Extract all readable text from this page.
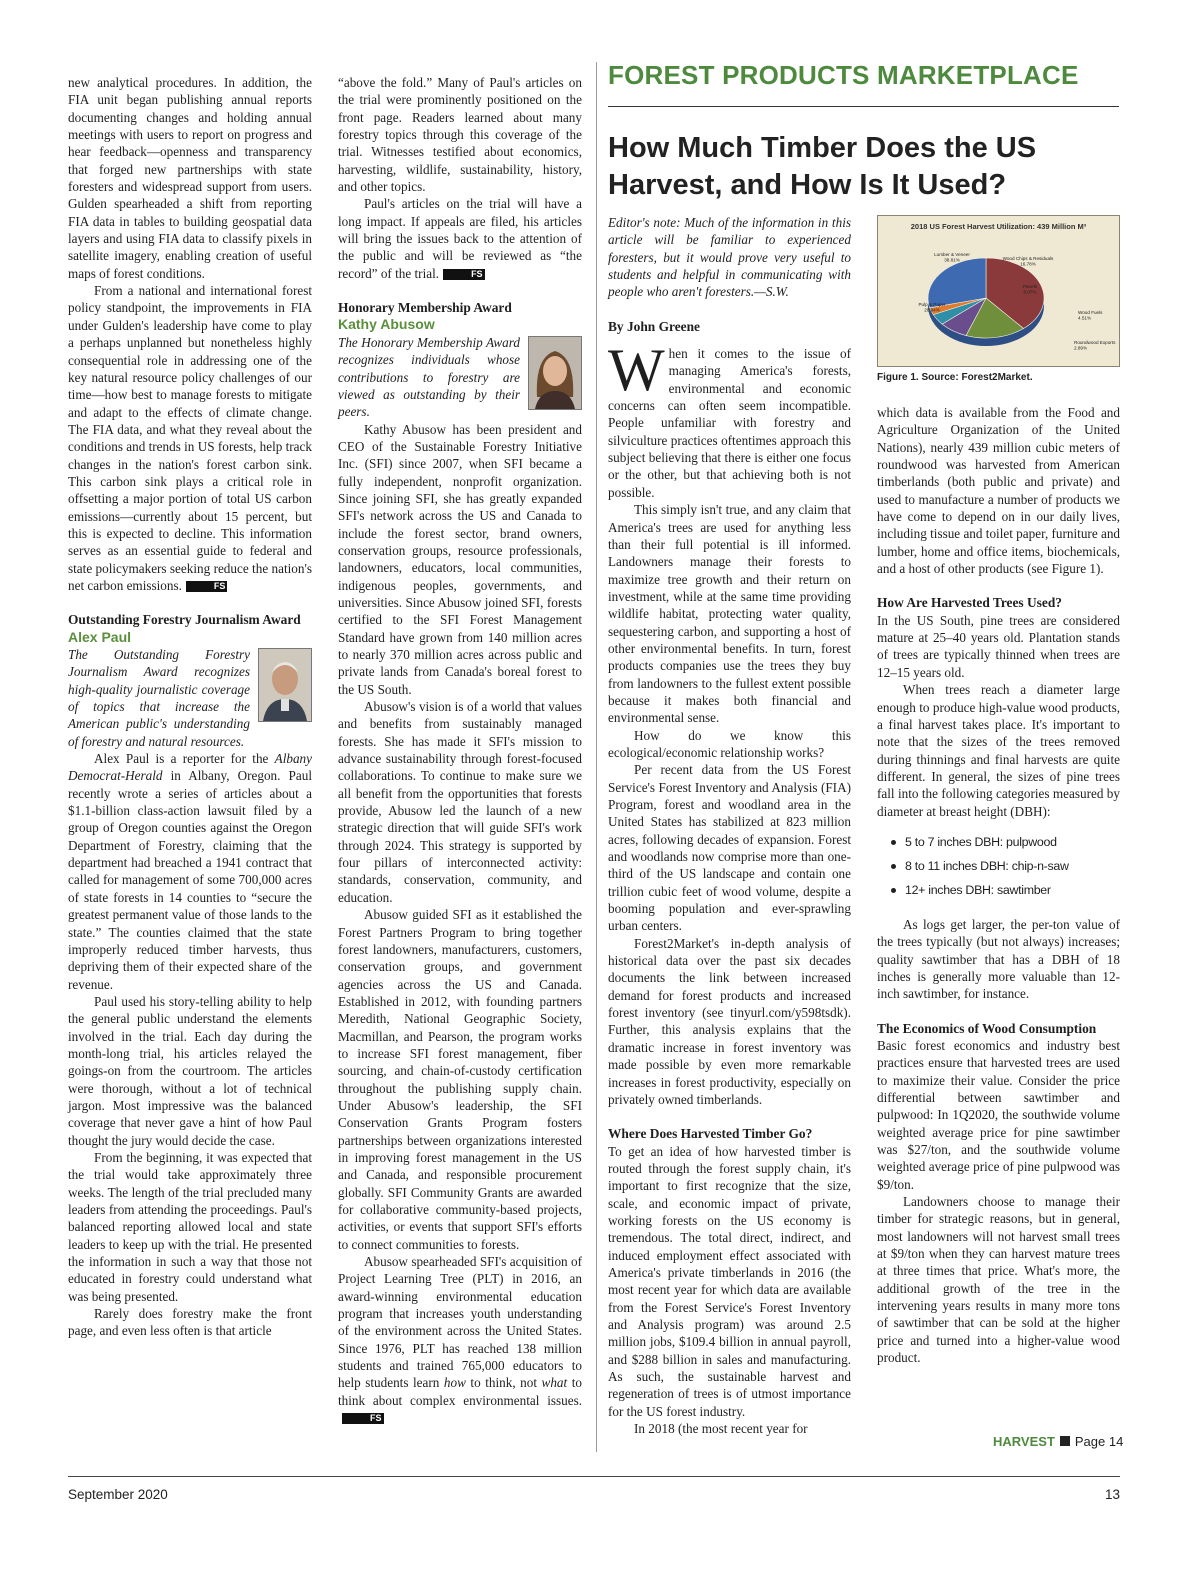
new analytical procedures. In addition, the FIA unit began publishing annual reports documenting changes and holding annual meetings with users to report on progress and hear feedback—openness and transparency that forged new partnerships with state foresters and widespread support from users. Gulden spearheaded a shift from reporting FIA data in tables to building geospatial data layers and using FIA data to classify pixels in satellite imagery, enabling creation of useful maps of forest conditions.

From a national and international forest policy standpoint, the improvements in FIA under Gulden's leadership have come to play a perhaps unplanned but nonetheless highly consequential role in addressing one of the key natural resource policy challenges of our time—how best to manage forests to mitigate and adapt to the effects of climate change. The FIA data, and what they reveal about the conditions and trends in US forests, help track changes in the nation's forest carbon sink. This carbon sink plays a critical role in offsetting a major portion of total US carbon emissions—currently about 15 percent, but this is expected to decline. This information serves as an essential guide to federal and state policymakers seeking reduce the nation's net carbon emissions.	FS

Outstanding Forestry Journalism Award

Alex Paul

The Outstanding Forestry Journalism Award recognizes high-quality journalistic coverage of topics that increase the American public's understanding of forestry and natural resources.

Alex Paul is a reporter for the Albany Democrat-Herald in Albany, Oregon. Paul recently wrote a series of articles about a $1.1-billion class-action lawsuit filed by a group of Oregon counties against the Oregon Department of Forestry, claiming that the department had breached a 1941 contract that called for management of some 700,000 acres of state forests in 14 counties to “secure the greatest permanent value of those lands to the state.” The counties claimed that the state improperly reduced timber harvests, thus depriving them of their expected share of the revenue.

Paul used his story-telling ability to help the general public understand the elements involved in the trial. Each day during the month-long trial, his articles relayed the goings-on from the courtroom. The articles were thorough, without a lot of technical jargon. Most impressive was the balanced coverage that never gave a hint of how Paul thought the jury would decide the case.

From the beginning, it was expected that the trial would take approximately three weeks. The length of the trial precluded many leaders from attending the proceedings. Paul's balanced reporting allowed local and state leaders to keep up with the trial. He presented the information in such a way that those not educated in forestry could understand what was being presented.

Rarely does forestry make the front page, and even less often is that article

“above the fold.” Many of Paul's articles on the trial were prominently positioned on the front page. Readers learned about many forestry topics through this coverage of the trial. Witnesses testified about economics, harvesting, wildlife, sustainability, history, and other topics.

Paul's articles on the trial will have a long impact. If appeals are filed, his articles will bring the issues back to the attention of the public and will be reviewed as “the record” of the trial.	FS

Honorary Membership Award

Kathy Abusow

The Honorary Membership Award recognizes individuals whose contributions to forestry are viewed as outstanding by their peers.

Kathy Abusow has been president and CEO of the Sustainable Forestry Initiative Inc. (SFI) since 2007, when SFI became a fully independent, nonprofit organization. Since joining SFI, she has greatly expanded SFI's network across the US and Canada to include the forest sector, brand owners, conservation groups, resource professionals, landowners, educators, local communities, indigenous peoples, governments, and universities. Since Abusow joined SFI, forests certified to the SFI Forest Management Standard have grown from 140 million acres to nearly 370 million acres across public and private lands from Canada's boreal forest to the US South.

Abusow's vision is of a world that values and benefits from sustainably managed forests. She has made it SFI's mission to advance sustainability through forest-focused collaborations. To continue to make sure we all benefit from the opportunities that forests provide, Abusow led the launch of a new strategic direction that will guide SFI's work through 2024. This strategy is supported by four pillars of interconnected activity: standards, conservation, community, and education.

Abusow guided SFI as it established the Forest Partners Program to bring together forest landowners, manufacturers, customers, conservation groups, and government agencies across the US and Canada. Established in 2012, with founding partners Meredith, National Geographic Society, Macmillan, and Pearson, the program works to increase SFI forest management, fiber sourcing, and chain-of-custody certification throughout the publishing supply chain. Under Abusow's leadership, the SFI Conservation Grants Program fosters partnerships between organizations interested in improving forest management in the US and Canada, and responsible procurement globally. SFI Community Grants are awarded for collaborative community-based projects, activities, or events that support SFI's efforts to connect communities to forests.

Abusow spearheaded SFI's acquisition of Project Learning Tree (PLT) in 2016, an award-winning environmental education program that increases youth understanding of the environment across the United States. Since 1976, PLT has reached 138 million students and trained 765,000 educators to help students learn how to think, not what to think about complex environmental issues.FS

FOREST PRODUCTS MARKETPLACE
How Much Timber Does the US Harvest, and How Is It Used?

Editor's note: Much of the information in this article will be familiar to experienced foresters, but it would prove very useful to students and helpful in communicating with people who aren't foresters.—S.W.

By John Greene

When it comes to the issue of managing America's forests, environmental and economic concerns can often seem incompatible. People unfamiliar with forestry and silviculture practices oftentimes approach this subject believing that there is either one focus or the other, but that achieving both is not possible.

This simply isn't true, and any claim that America's trees are used for anything less than their full potential is ill informed. Landowners manage their forests to maximize tree growth and their return on investment, while at the same time providing wildlife habitat, protecting water quality, sequestering carbon, and supporting a host of other environmental benefits. In turn, forest products companies use the trees they buy from landowners to the fullest extent possible because it makes both financial and environmental sense.

How do we know this ecological/economic relationship works?

Per recent data from the US Forest Service's Forest Inventory and Analysis (FIA) Program, forest and woodland area in the United States has stabilized at 823 million acres, following decades of expansion. Forest and woodlands now comprise more than one-third of the US landscape and contain one trillion cubic feet of wood volume, despite a booming population and ever-sprawling urban centers.

Forest2Market's in-depth analysis of historical data over the past six decades documents the link between increased demand for forest products and increased forest inventory (see tinyurl.com/y598tsdk). Further, this analysis explains that the dramatic increase in forest inventory was made possible by even more remarkable increases in forest productivity, especially on privately owned timberlands.

Where Does Harvested Timber Go?

To get an idea of how harvested timber is routed through the forest supply chain, it's important to first recognize that the size, scale, and economic impact of private, working forests on the US economy is tremendous. The total direct, indirect, and induced employment effect associated with America's private timberlands in 2016 (the most recent year for which data are available from the Forest Service's Forest Inventory and Analysis program) was around 2.5 million jobs, $109.4 billion in annual payroll, and $288 billion in sales and manufacturing. As such, the sustainable harvest and regeneration of trees is of utmost importance for the US forest industry.

In 2018 (the most recent year for

2018 US Forest Harvest Utilization: 439 Million M³
Lumber & Veneer 38.81%	Wood Chips & Residuals 16.78%
Panels 8.07%
Wood Fuels 4.51%
Roundwood Exports 2.89%
Pulp & Paper 28.94%
Figure 1. Source: Forest2Market.

which data is available from the Food and Agriculture Organization of the United Nations), nearly 439 million cubic meters of roundwood was harvested from American timberlands (both public and private) and used to manufacture a number of products we have come to depend on in our daily lives, including tissue and toilet paper, furniture and lumber, home and office items, biochemicals, and a host of other products (see Figure 1).

How Are Harvested Trees Used?

In the US South, pine trees are considered mature at 25–40 years old. Plantation stands of trees are typically thinned when trees are 12–15 years old.

When trees reach a diameter large enough to produce high-value wood products, a final harvest takes place. It's important to note that the sizes of the trees removed during thinnings and final harvests are quite different. In general, the sizes of pine trees fall into the following categories measured by diameter at breast height (DBH):

5 to 7 inches DBH: pulpwood
8 to 11 inches DBH: chip-n-saw
12+ inches DBH: sawtimber

As logs get larger, the per-ton value of the trees typically (but not always) increases; quality sawtimber that has a DBH of 18 inches is generally more valuable than 12-inch sawtimber, for instance.

The Economics of Wood Consumption

Basic forest economics and industry best practices ensure that harvested trees are used to maximize their value. Consider the price differential between sawtimber and pulpwood: In 1Q2020, the southwide volume weighted average price for pine sawtimber was $27/ton, and the southwide volume weighted average price of pine pulpwood was $9/ton.

Landowners choose to manage their timber for strategic reasons, but in general, most landowners will not harvest small trees at $9/ton when they can harvest mature trees at three times that price. What's more, the additional growth of the tree in the intervening years results in many more tons of sawtimber that can be sold at the higher price and turned into a higher-value wood product.

HARVEST Page 14
September 2020	13
